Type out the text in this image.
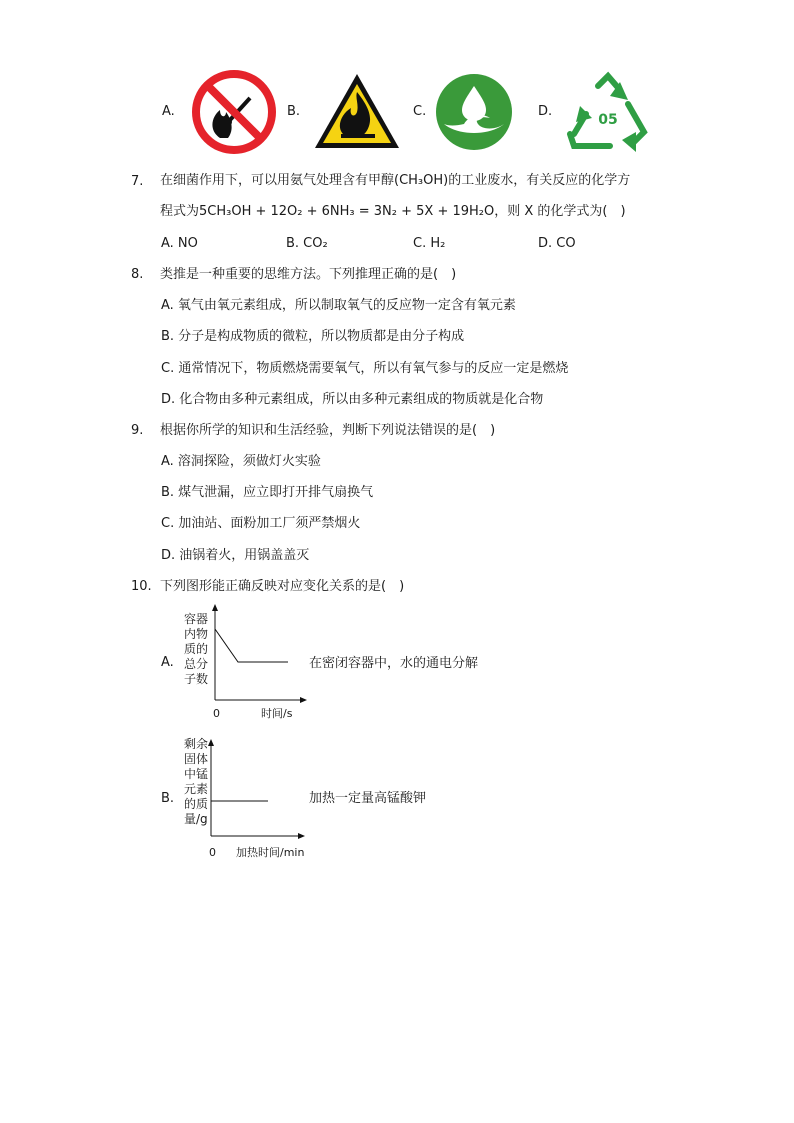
A.	B.	C.	D.
05
7. 在细菌作用下，可以用氨气处理含有甲醇(CH₃OH)的工业废水，有关反应的化学方
程式为5CH₃OH + 12O₂ + 6NH₃ = 3N₂ + 5X + 19H₂O，则 X 的化学式为(　)
A. NO	B. CO₂	C. H₂	D. CO
8. 类推是一种重要的思维方法。下列推理正确的是(　)
A. 氧气由氧元素组成，所以制取氧气的反应物一定含有氧元素
B. 分子是构成物质的微粒，所以物质都是由分子构成
C. 通常情况下，物质燃烧需要氧气，所以有氧气参与的反应一定是燃烧
D. 化合物由多种元素组成，所以由多种元素组成的物质就是化合物
9. 根据你所学的知识和生活经验，判断下列说法错误的是(　)
A. 溶洞探险，须做灯火实验
B. 煤气泄漏，应立即打开排气扇换气
C. 加油站、面粉加工厂须严禁烟火
D. 油锅着火，用锅盖盖灭
10. 下列图形能正确反映对应变化关系的是(　)
A.
容器
内物
质的
总分
子数
0	时间/s
在密闭容器中，水的通电分解
B.
剩余
固体
中锰
元素
的质
量/g
0 加热时间/min
加热一定量高锰酸钾
